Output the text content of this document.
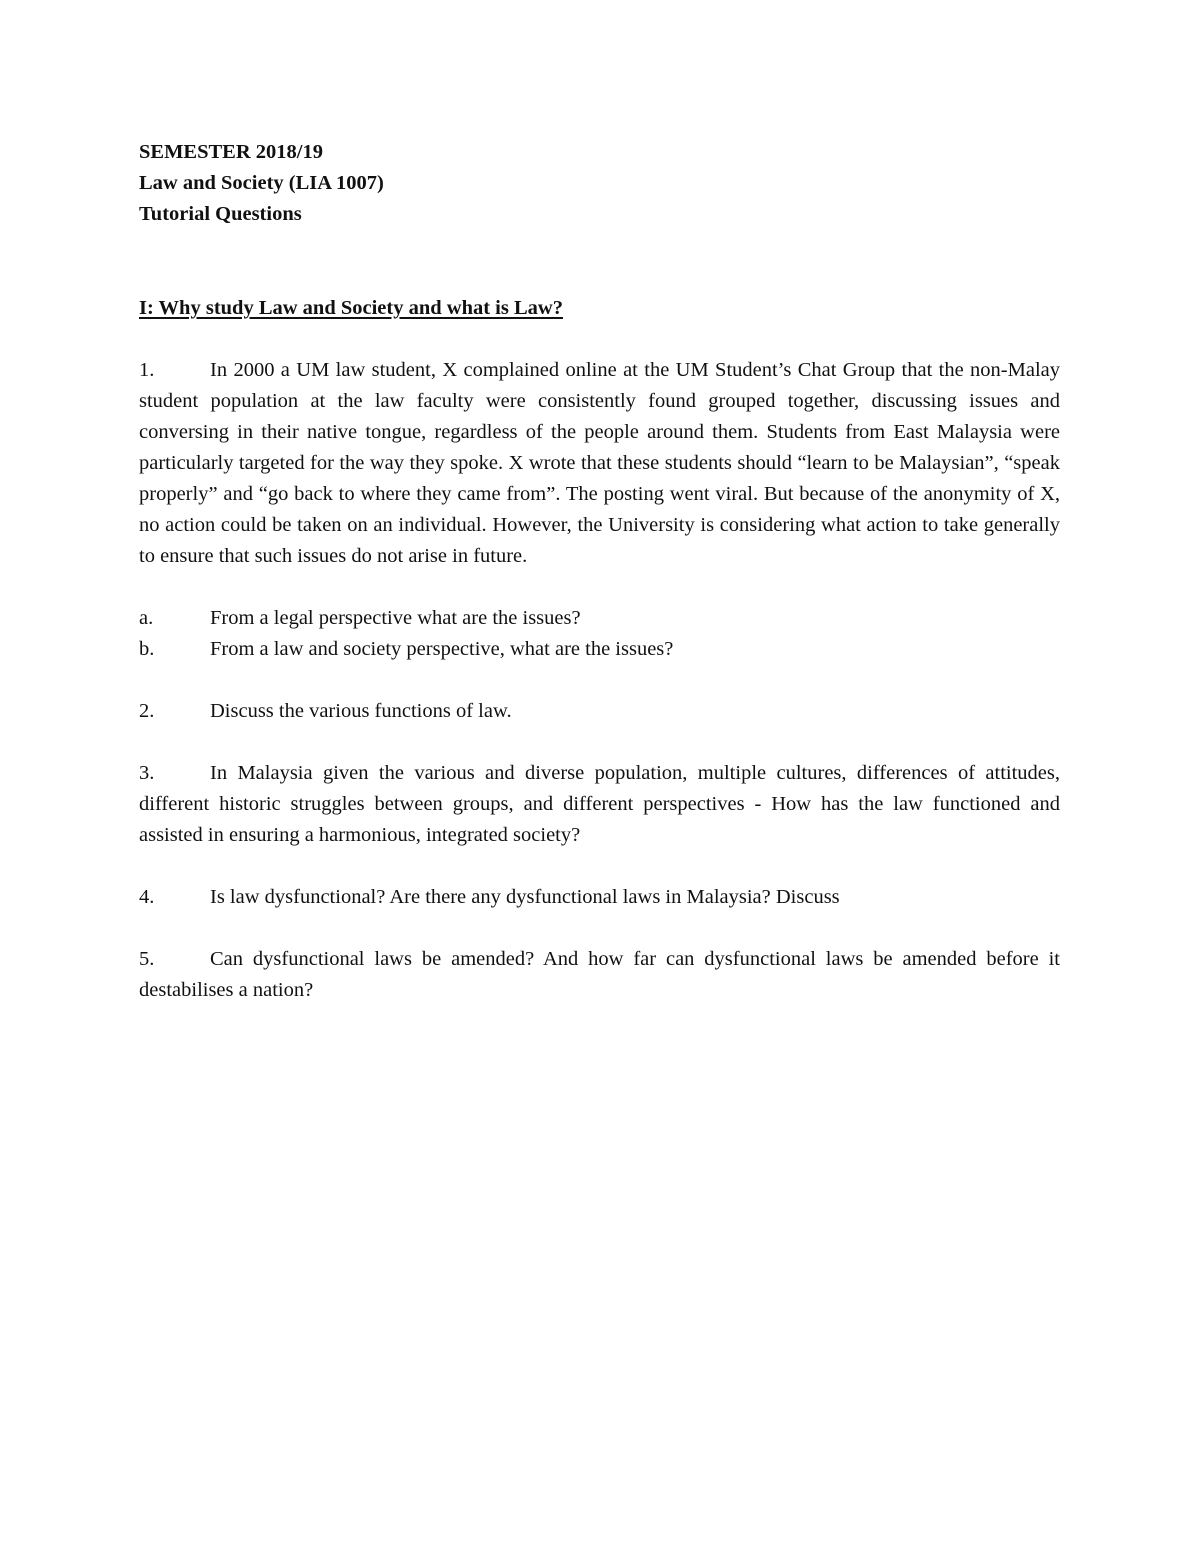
SEMESTER 2018/19

Law and Society (LIA 1007)

Tutorial Questions

I: Why study Law and Society and what is Law?

1.	In 2000 a UM law student, X complained online at the UM Student’s Chat Group that the non-Malay student population at the law faculty were consistently found grouped together, discussing issues and conversing in their native tongue, regardless of the people around them. Students from East Malaysia were particularly targeted for the way they spoke. X wrote that these students should “learn to be Malaysian”, “speak properly” and “go back to where they came from”. The posting went viral. But because of the anonymity of X, no action could be taken on an individual. However, the University is considering what action to take generally to ensure that such issues do not arise in future.

a.	From a legal perspective what are the issues?

b.	From a law and society perspective, what are the issues?

2.	Discuss the various functions of law.

3.	In Malaysia given the various and diverse population, multiple cultures, differences of attitudes, different historic struggles between groups, and different perspectives - How has the law functioned and assisted in ensuring a harmonious, integrated society?

4.	Is law dysfunctional? Are there any dysfunctional laws in Malaysia? Discuss

5.	Can dysfunctional laws be amended? And how far can dysfunctional laws be amended before it destabilises a nation?
